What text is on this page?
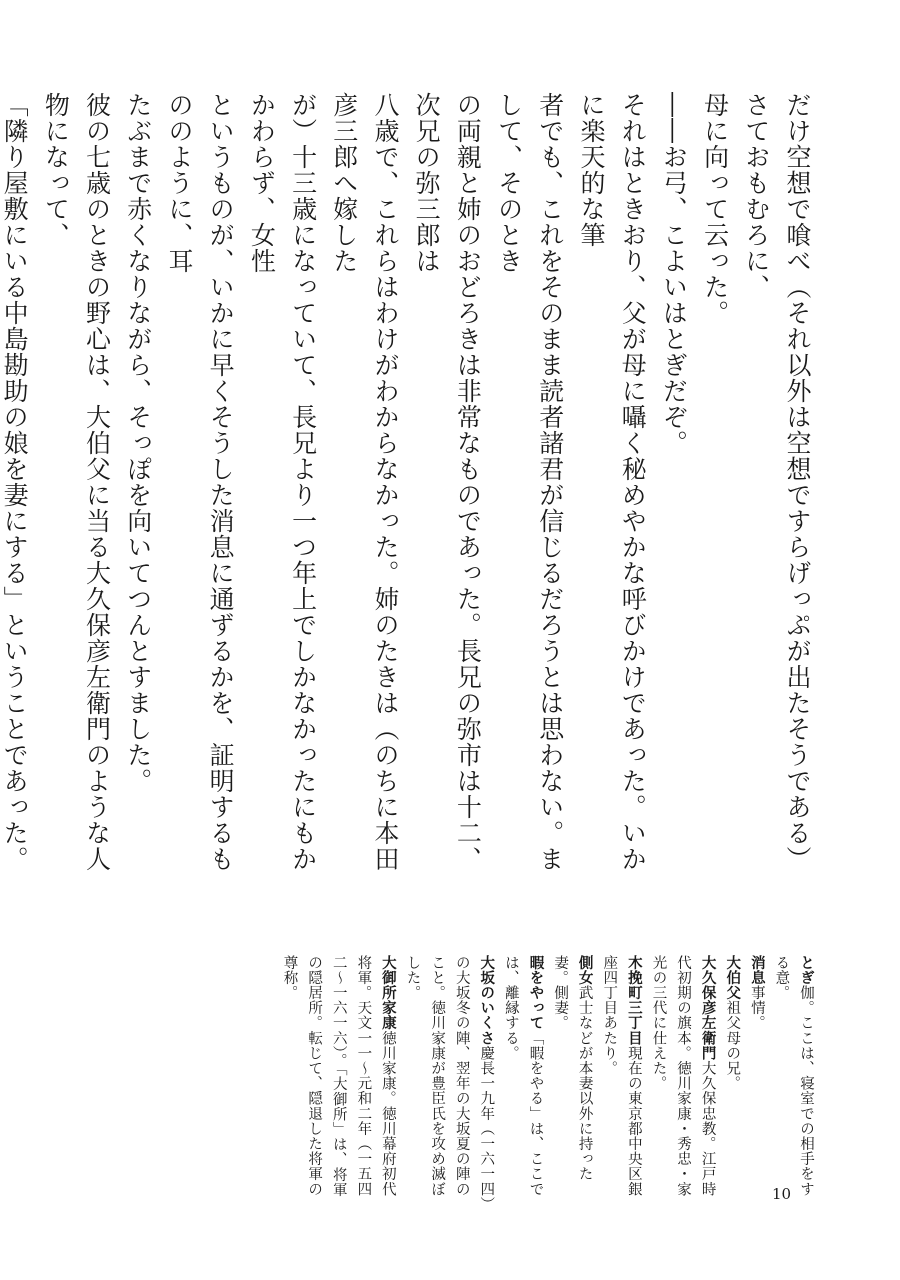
だけ空想で喰べ（それ以外は空想ですらげっぷが出たそうである）さておもむろに、

母に向って云った。

――お弓、こよいはとぎだぞ。

それはときおり、父が母に囁く秘めやかな呼びかけであった。いかに楽天的な筆

者でも、これをそのまま読者諸君が信じるだろうとは思わない。まして、そのとき

の両親と姉のおどろきは非常なものであった。長兄の弥市は十二、次兄の弥三郎は

八歳で、これらはわけがわからなかった。姉のたきは（のちに本田彦三郎へ嫁した

が）十三歳になっていて、長兄より一つ年上でしかなかったにもかかわらず、女性

というものが、いかに早くそうした消息に通ずるかを、証明するもののように、耳

たぶまで赤くなりながら、そっぽを向いてつんとすました。

彼の七歳のときの野心は、大伯父に当る大久保彦左衛門のような人物になって、

「隣り屋敷にいる中島勘助の娘を妻にする」ということであった。

とぎ伽。ここは、寝室での相手をする意。

消息事情。

大伯父祖父母の兄。

大久保彦左衛門大久保忠教。江戸時代初期の旗本。徳川家康・秀忠・家光の三代に仕えた。

木挽町三丁目現在の東京都中央区銀座四丁目あたり。

側女武士などが本妻以外に持った妻。側妻。

暇をやって「暇をやる」は、ここでは、離縁する。

大坂のいくさ慶長一九年（一六一四）の大坂冬の陣、翌年の大坂夏の陣のこと。徳川家康が豊臣氏を攻め滅ぼした。

大御所家康徳川家康。徳川幕府初代将軍。天文一一～元和二年（一五四二～一六一六）。「大御所」は、将軍の隠居所。転じて、隠退した将軍の尊称。

10
